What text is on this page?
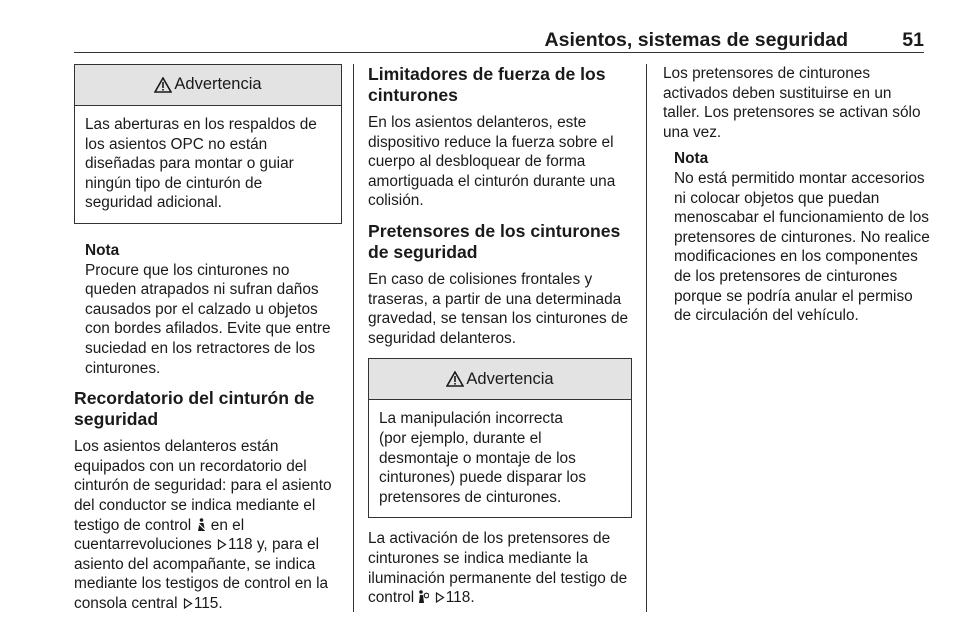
Asientos, sistemas de seguridad	51
Advertencia
Las aberturas en los respaldos de los asientos OPC no están diseñadas para montar o guiar ningún tipo de cinturón de seguridad adicional.
Nota
Procure que los cinturones no queden atrapados ni sufran daños causados por el calzado u objetos con bordes afilados. Evite que entre suciedad en los retractores de los cinturones.
Recordatorio del cinturón de seguridad

Los asientos delanteros están equipados con un recordatorio del cinturón de seguridad: para el asiento del conductor se indica mediante el testigo de control en el cuentarrevoluciones 118 y, para el asiento del acompañante, se indica mediante los testigos de control en la consola central 115.

Limitadores de fuerza de los cinturones

En los asientos delanteros, este dispositivo reduce la fuerza sobre el cuerpo al desbloquear de forma amortiguada el cinturón durante una colisión.

Pretensores de los cinturones de seguridad

En caso de colisiones frontales y traseras, a partir de una determinada gravedad, se tensan los cinturones de seguridad delanteros.

Advertencia
La manipulación incorrecta
(por ejemplo, durante el desmontaje o montaje de los cinturones) puede disparar los pretensores de cinturones.

La activación de los pretensores de cinturones se indica mediante la iluminación permanente del testigo de control 118.

Los pretensores de cinturones activados deben sustituirse en un taller. Los pretensores se activan sólo una vez.

Nota
No está permitido montar accesorios ni colocar objetos que puedan menoscabar el funcionamiento de los pretensores de cinturones. No realice modificaciones en los componentes de los pretensores de cinturones porque se podría anular el permiso de circulación del vehículo.
